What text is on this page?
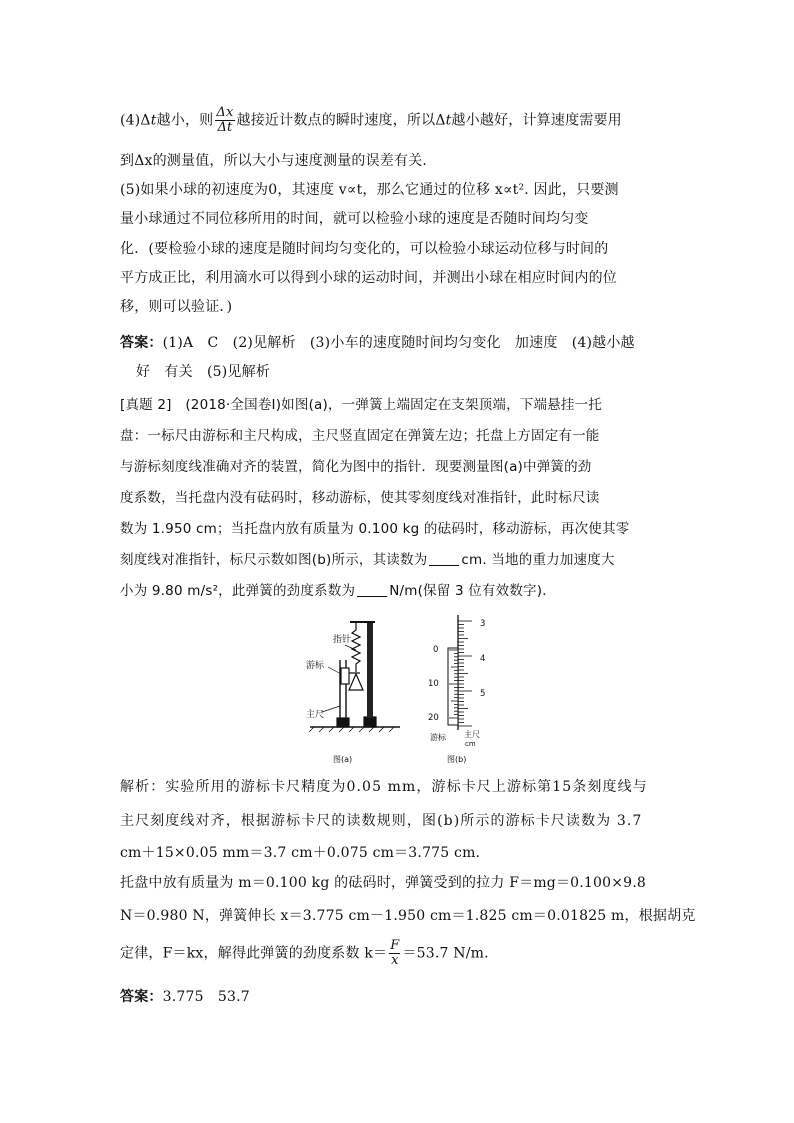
(4)Δt越小，则 $\frac{\Delta x}{\Delta t}$ 越接近计数点的瞬时速度，所以Δt越小越好，计算速度需要用
到Δx的测量值，所以大小与速度测量的误差有关．
(5)如果小球的初速度为0，其速度 v∝t，那么它通过的位移 x∝t². 因此，只要测
量小球通过不同位移所用的时间，就可以检验小球的速度是否随时间均匀变
化．(要检验小球的速度是随时间均匀变化的，可以检验小球运动位移与时间的
平方成正比，利用滴水可以得到小球的运动时间，并测出小球在相应时间内的位
移，则可以验证．)
答案：(1)A　C　(2)见解析　(3)小车的速度随时间均匀变化　加速度　(4)越小越
好　有关　(5)见解析
[真题 2]　(2018·全国卷Ⅰ)如图(a)，一弹簧上端固定在支架顶端，下端悬挂一托
盘：一标尺由游标和主尺构成，主尺竖直固定在弹簧左边；托盘上方固定有一能
与游标刻度线准确对齐的装置，简化为图中的指针．现要测量图(a)中弹簧的劲
度系数，当托盘内没有砝码时，移动游标，使其零刻度线对准指针，此时标尺读
数为 1.950 cm；当托盘内放有质量为 0.100 kg 的砝码时，移动游标，再次使其零
刻度线对准指针，标尺示数如图(b)所示，其读数为	cm. 当地的重力加速度大
小为 9.80 m/s²，此弹簧的劲度系数为	N/m(保留 3 位有效数字)．
指针
游标
主尺
图(a)
3
4
5
0
10
20
游标 主尺
cm
图(b)
解析：实验所用的游标卡尺精度为0.05 mm，游标卡尺上游标第15条刻度线与
主尺刻度线对齐，根据游标卡尺的读数规则，图(b)所示的游标卡尺读数为 3.7
cm＋15×0.05 mm＝3.7 cm＋0.075 cm＝3.775 cm.
托盘中放有质量为 m＝0.100 kg 的砝码时，弹簧受到的拉力 F＝mg＝0.100×9.8
N＝0.980 N，弹簧伸长 x＝3.775 cm－1.950 cm＝1.825 cm＝0.01825 m，根据胡克
定律，F＝kx，解得此弹簧的劲度系数 $k= \frac{F}{x} =53.7$ N/m.
答案：3.775　53.7
